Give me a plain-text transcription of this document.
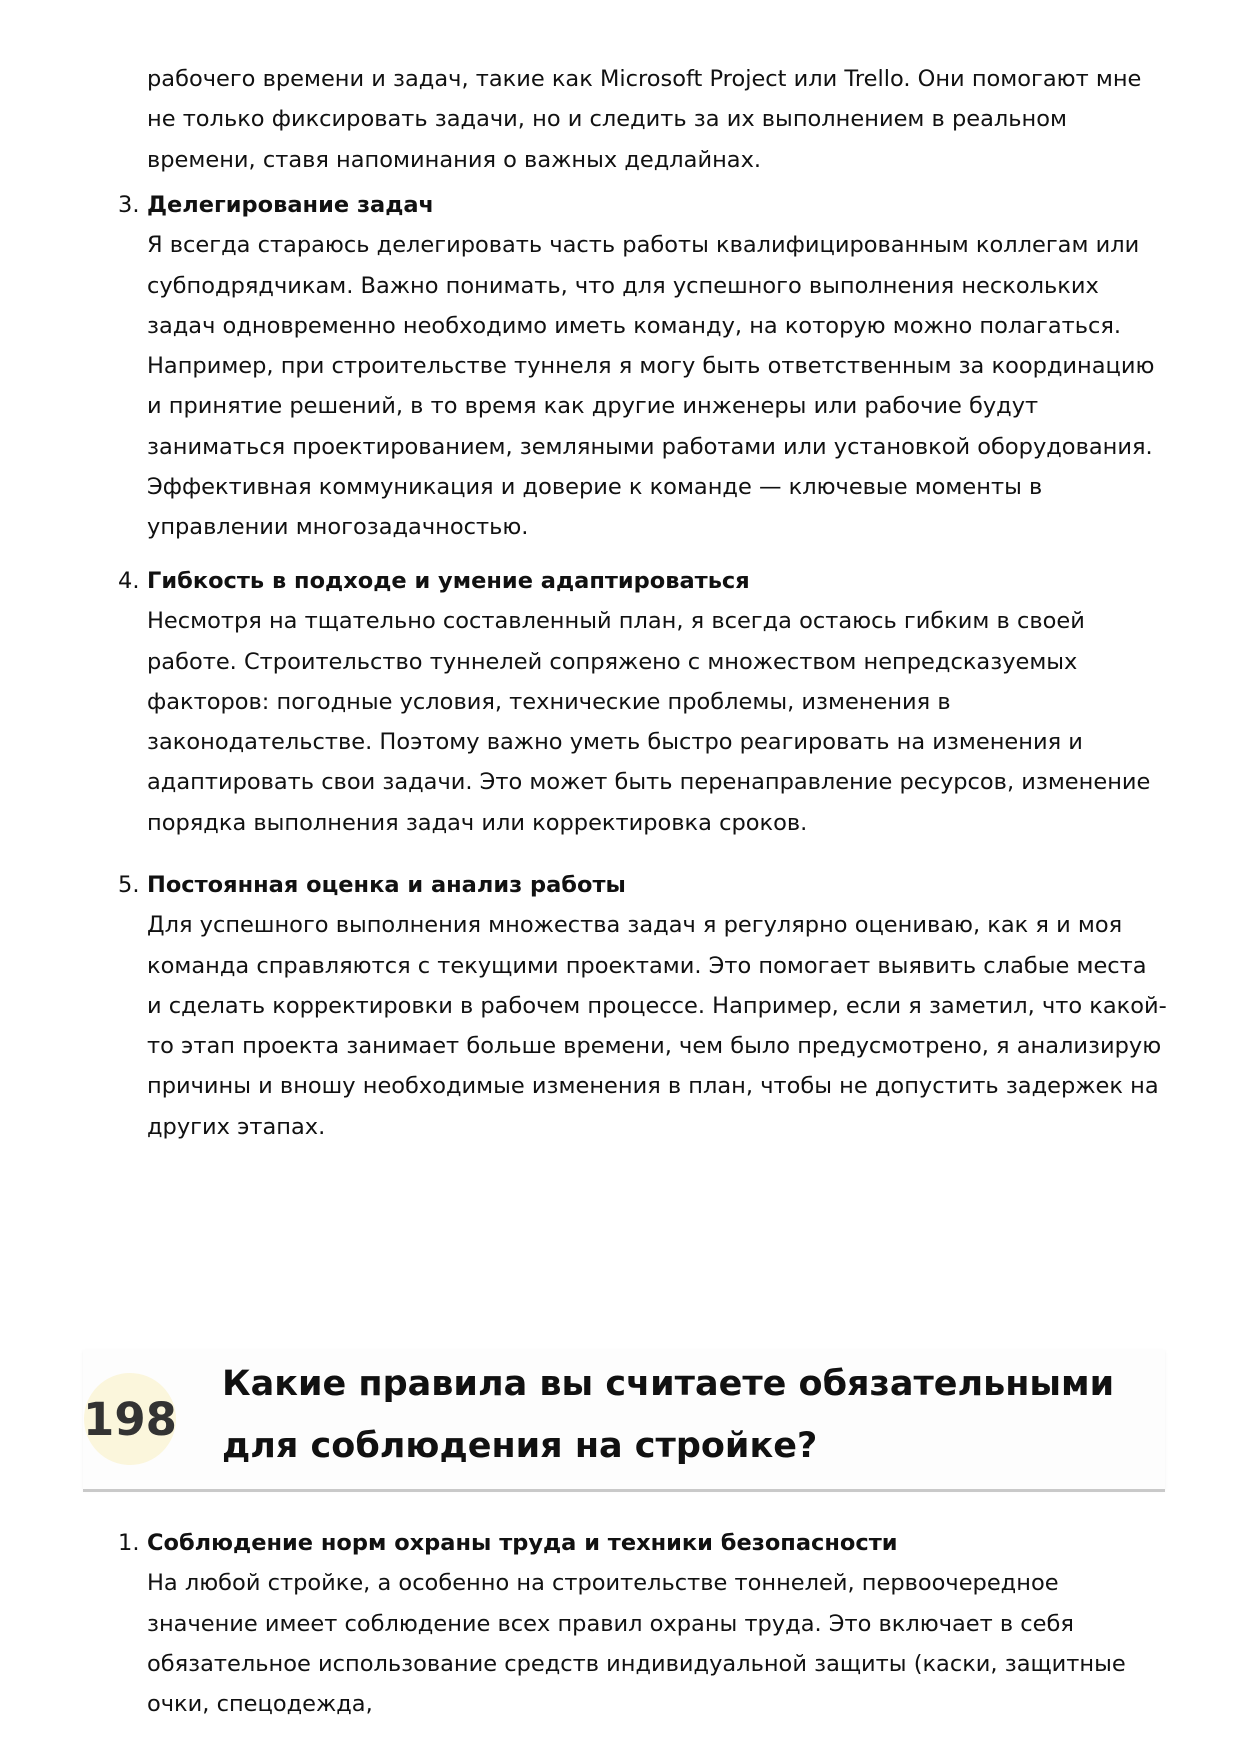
рабочего времени и задач, такие как Microsoft Project или Trello. Они помогают мне не только фиксировать задачи, но и следить за их выполнением в реальном времени, ставя напоминания о важных дедлайнах.

3. Делегирование задач

Я всегда стараюсь делегировать часть работы квалифицированным коллегам или субподрядчикам. Важно понимать, что для успешного выполнения нескольких задач одновременно необходимо иметь команду, на которую можно полагаться. Например, при строительстве туннеля я могу быть ответственным за координацию и принятие решений, в то время как другие инженеры или рабочие будут заниматься проектированием, земляными работами или установкой оборудования. Эффективная коммуникация и доверие к команде — ключевые моменты в управлении многозадачностью.

4. Гибкость в подходе и умение адаптироваться

Несмотря на тщательно составленный план, я всегда остаюсь гибким в своей работе. Строительство туннелей сопряжено с множеством непредсказуемых факторов: погодные условия, технические проблемы, изменения в законодательстве. Поэтому важно уметь быстро реагировать на изменения и адаптировать свои задачи. Это может быть перенаправление ресурсов, изменение порядка выполнения задач или корректировка сроков.

5. Постоянная оценка и анализ работы

Для успешного выполнения множества задач я регулярно оцениваю, как я и моя команда справляются с текущими проектами. Это помогает выявить слабые места и сделать корректировки в рабочем процессе. Например, если я заметил, что какой-то этап проекта занимает больше времени, чем было предусмотрено, я анализирую причины и вношу необходимые изменения в план, чтобы не допустить задержек на других этапах.

198
Какие правила вы считаете обязательными для соблюдения на стройке?

1. Соблюдение норм охраны труда и техники безопасности

На любой стройке, а особенно на строительстве тоннелей, первоочередное значение имеет соблюдение всех правил охраны труда. Это включает в себя обязательное использование средств индивидуальной защиты (каски, защитные очки, спецодежда,
